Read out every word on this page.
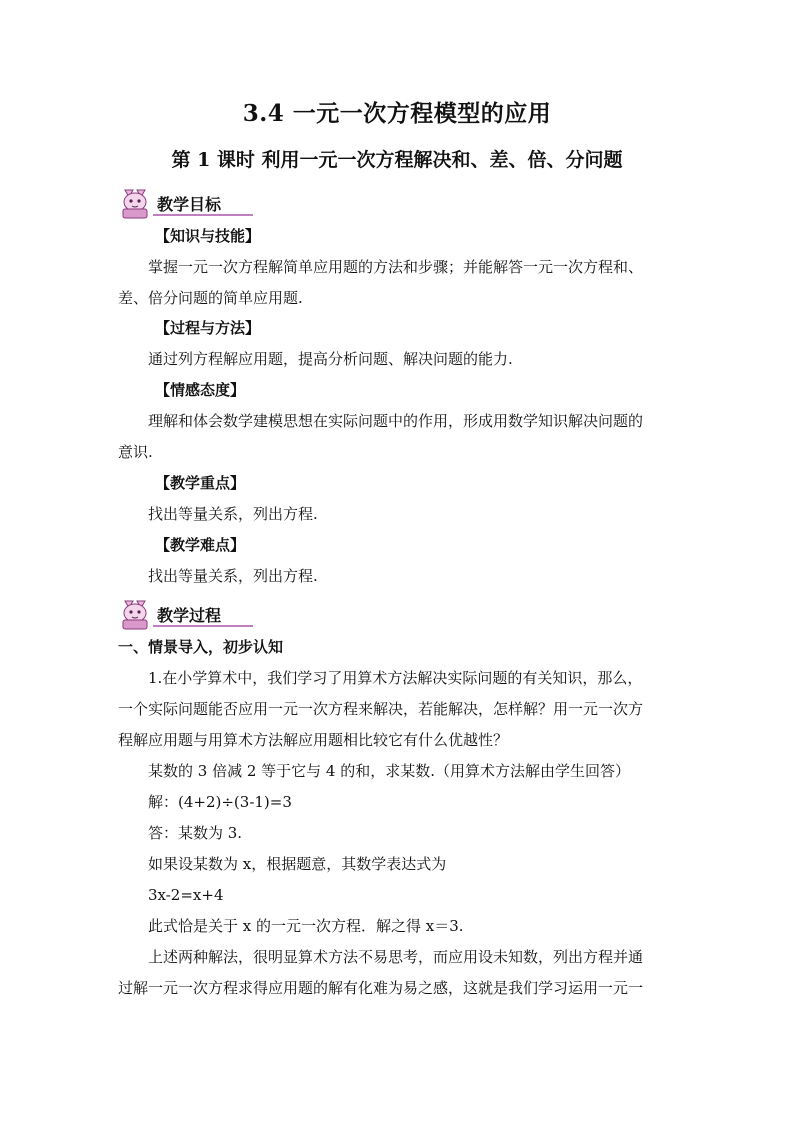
3.4 一元一次方程模型的应用
第 1 课时 利用一元一次方程解决和、差、倍、分问题
教学目标
【知识与技能】
掌握一元一次方程解简单应用题的方法和步骤；并能解答一元一次方程和、
差、倍分问题的简单应用题.
【过程与方法】
通过列方程解应用题，提高分析问题、解决问题的能力.
【情感态度】
理解和体会数学建模思想在实际问题中的作用，形成用数学知识解决问题的
意识.
【教学重点】
找出等量关系，列出方程.
【教学难点】
找出等量关系，列出方程.
教学过程
一、情景导入，初步认知
1.在小学算术中，我们学习了用算术方法解决实际问题的有关知识，那么，
一个实际问题能否应用一元一次方程来解决，若能解决，怎样解？用一元一次方
程解应用题与用算术方法解应用题相比较它有什么优越性？
某数的 3 倍减 2 等于它与 4 的和，求某数.（用算术方法解由学生回答）
解：(4+2)÷(3-1)=3
答：某数为 3.
如果设某数为 x，根据题意，其数学表达式为
3x-2=x+4
此式恰是关于 x 的一元一次方程．解之得 x＝3.
上述两种解法，很明显算术方法不易思考，而应用设未知数，列出方程并通
过解一元一次方程求得应用题的解有化难为易之感，这就是我们学习运用一元一
